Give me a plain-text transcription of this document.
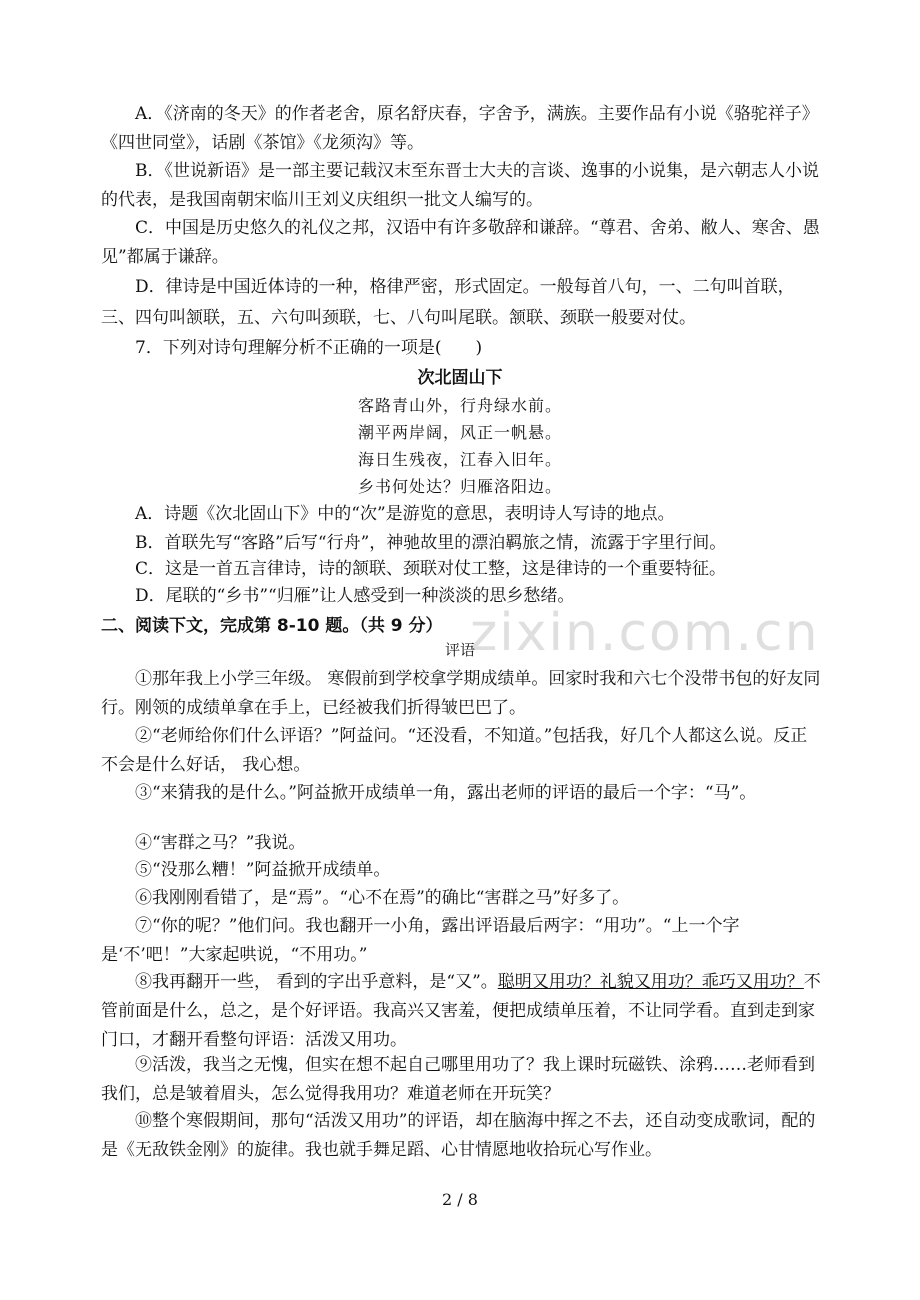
A．《济南的冬天》的作者老舍，原名舒庆春，字舍予，满族。主要作品有小说《骆驼祥子》《四世同堂》，话剧《茶馆》《龙须沟》等。

B．《世说新语》是一部主要记载汉末至东晋士大夫的言谈、逸事的小说集，是六朝志人小说的代表，是我国南朝宋临川王刘义庆组织一批文人编写的。

C．中国是历史悠久的礼仪之邦，汉语中有许多敬辞和谦辞。“尊君、舍弟、敝人、寒舍、愚见”都属于谦辞。

D．律诗是中国近体诗的一种，格律严密，形式固定。一般每首八句，一、二句叫首联，三、四句叫颔联，五、六句叫颈联，七、八句叫尾联。颔联、颈联一般要对仗。

7．下列对诗句理解分析不正确的一项是(　　)

次北固山下
客路青山外，行舟绿水前。
潮平两岸阔，风正一帆悬。
海日生残夜，江春入旧年。
乡书何处达？归雁洛阳边。

A．诗题《次北固山下》中的“次”是游览的意思，表明诗人写诗的地点。

B．首联先写“客路”后写“行舟”，神驰故里的漂泊羁旅之情，流露于字里行间。

C．这是一首五言律诗，诗的颔联、颈联对仗工整，这是律诗的一个重要特征。

D．尾联的“乡书”“归雁”让人感受到一种淡淡的思乡愁绪。

二、阅读下文，完成第 8-10 题。（共 9 分） zixin.com.cn
评语

①那年我上小学三年级。 寒假前到学校拿学期成绩单。回家时我和六七个没带书包的好友同行。刚领的成绩单拿在手上，已经被我们折得皱巴巴了。

②“老师给你们什么评语？”阿益问。“还没看，不知道。”包括我，好几个人都这么说。反正不会是什么好话， 我心想。

③“来猜我的是什么。”阿益掀开成绩单一角，露出老师的评语的最后一个字：“马”。

④“害群之马？”我说。

⑤“没那么糟！”阿益掀开成绩单。

⑥我刚刚看错了，是“焉”。“心不在焉”的确比“害群之马”好多了。

⑦“你的呢？”他们问。我也翻开一小角，露出评语最后两字：“用功”。“上一个字是‘不’吧！”大家起哄说，“不用功。”

⑧我再翻开一些， 看到的字出乎意料，是“又”。聪明又用功？礼貌又用功？乖巧又用功？不管前面是什么，总之，是个好评语。我高兴又害羞，便把成绩单压着，不让同学看。直到走到家门口，才翻开看整句评语：活泼又用功。

⑨活泼，我当之无愧，但实在想不起自己哪里用功了？我上课时玩磁铁、涂鸦……老师看到我们，总是皱着眉头，怎么觉得我用功？难道老师在开玩笑？

⑩整个寒假期间，那句“活泼又用功”的评语，却在脑海中挥之不去，还自动变成歌词，配的是《无敌铁金刚》的旋律。我也就手舞足蹈、心甘情愿地收拾玩心写作业。

2 / 8
